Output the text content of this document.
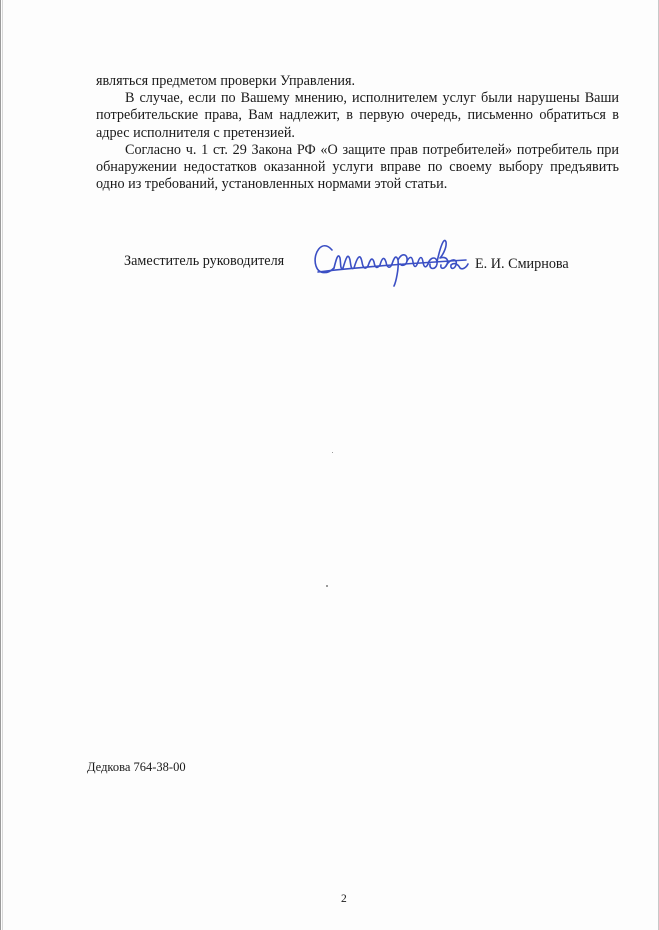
являться предметом проверки Управления.

В случае, если по Вашему мнению, исполнителем услуг были нарушены Ваши потребительские права, Вам надлежит, в первую очередь, письменно обратиться в адрес исполнителя с претензией.

Согласно ч. 1 ст. 29 Закона РФ «О защите прав потребителей» потребитель при обнаружении недостатков оказанной услуги вправе по своему выбору предъявить одно из требований, установленных нормами этой статьи.

Заместитель руководителя	Е. И. Смирнова
Дедкова 764-38-00
2
